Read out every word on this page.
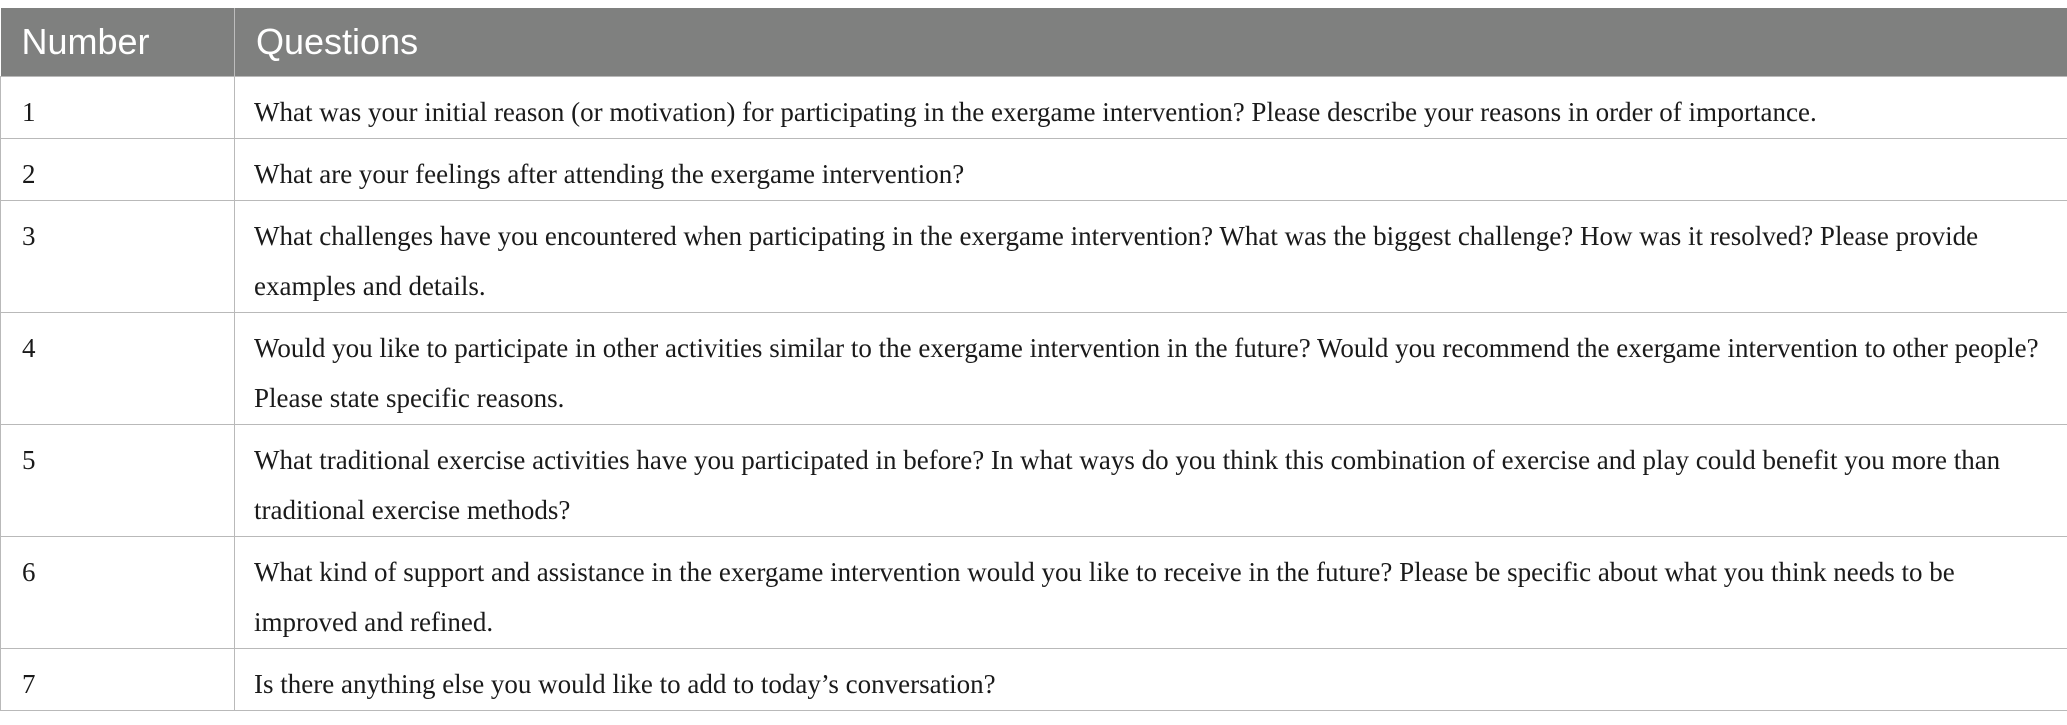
Number	Questions
1	What was your initial reason (or motivation) for participating in the exergame intervention? Please describe your reasons in order of importance.
2	What are your feelings after attending the exergame intervention?
3	What challenges have you encountered when participating in the exergame intervention? What was the biggest challenge? How was it resolved? Please provide examples and details.
4	Would you like to participate in other activities similar to the exergame intervention in the future? Would you recommend the exergame intervention to other people? Please state specific reasons.
5	What traditional exercise activities have you participated in before? In what ways do you think this combination of exercise and play could benefit you more than traditional exercise methods?
6	What kind of support and assistance in the exergame intervention would you like to receive in the future? Please be specific about what you think needs to be improved and refined.
7	Is there anything else you would like to add to today’s conversation?
